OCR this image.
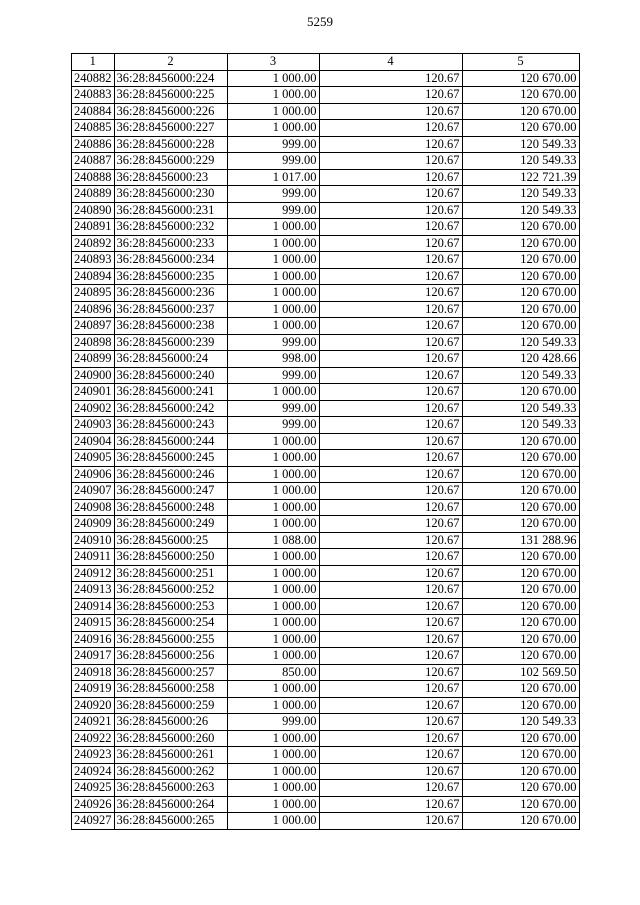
5259
1	2	3	4	5
240882	36:28:8456000:224	1 000.00	120.67	120 670.00
240883	36:28:8456000:225	1 000.00	120.67	120 670.00
240884	36:28:8456000:226	1 000.00	120.67	120 670.00
240885	36:28:8456000:227	1 000.00	120.67	120 670.00
240886	36:28:8456000:228	999.00	120.67	120 549.33
240887	36:28:8456000:229	999.00	120.67	120 549.33
240888	36:28:8456000:23	1 017.00	120.67	122 721.39
240889	36:28:8456000:230	999.00	120.67	120 549.33
240890	36:28:8456000:231	999.00	120.67	120 549.33
240891	36:28:8456000:232	1 000.00	120.67	120 670.00
240892	36:28:8456000:233	1 000.00	120.67	120 670.00
240893	36:28:8456000:234	1 000.00	120.67	120 670.00
240894	36:28:8456000:235	1 000.00	120.67	120 670.00
240895	36:28:8456000:236	1 000.00	120.67	120 670.00
240896	36:28:8456000:237	1 000.00	120.67	120 670.00
240897	36:28:8456000:238	1 000.00	120.67	120 670.00
240898	36:28:8456000:239	999.00	120.67	120 549.33
240899	36:28:8456000:24	998.00	120.67	120 428.66
240900	36:28:8456000:240	999.00	120.67	120 549.33
240901	36:28:8456000:241	1 000.00	120.67	120 670.00
240902	36:28:8456000:242	999.00	120.67	120 549.33
240903	36:28:8456000:243	999.00	120.67	120 549.33
240904	36:28:8456000:244	1 000.00	120.67	120 670.00
240905	36:28:8456000:245	1 000.00	120.67	120 670.00
240906	36:28:8456000:246	1 000.00	120.67	120 670.00
240907	36:28:8456000:247	1 000.00	120.67	120 670.00
240908	36:28:8456000:248	1 000.00	120.67	120 670.00
240909	36:28:8456000:249	1 000.00	120.67	120 670.00
240910	36:28:8456000:25	1 088.00	120.67	131 288.96
240911	36:28:8456000:250	1 000.00	120.67	120 670.00
240912	36:28:8456000:251	1 000.00	120.67	120 670.00
240913	36:28:8456000:252	1 000.00	120.67	120 670.00
240914	36:28:8456000:253	1 000.00	120.67	120 670.00
240915	36:28:8456000:254	1 000.00	120.67	120 670.00
240916	36:28:8456000:255	1 000.00	120.67	120 670.00
240917	36:28:8456000:256	1 000.00	120.67	120 670.00
240918	36:28:8456000:257	850.00	120.67	102 569.50
240919	36:28:8456000:258	1 000.00	120.67	120 670.00
240920	36:28:8456000:259	1 000.00	120.67	120 670.00
240921	36:28:8456000:26	999.00	120.67	120 549.33
240922	36:28:8456000:260	1 000.00	120.67	120 670.00
240923	36:28:8456000:261	1 000.00	120.67	120 670.00
240924	36:28:8456000:262	1 000.00	120.67	120 670.00
240925	36:28:8456000:263	1 000.00	120.67	120 670.00
240926	36:28:8456000:264	1 000.00	120.67	120 670.00
240927	36:28:8456000:265	1 000.00	120.67	120 670.00
